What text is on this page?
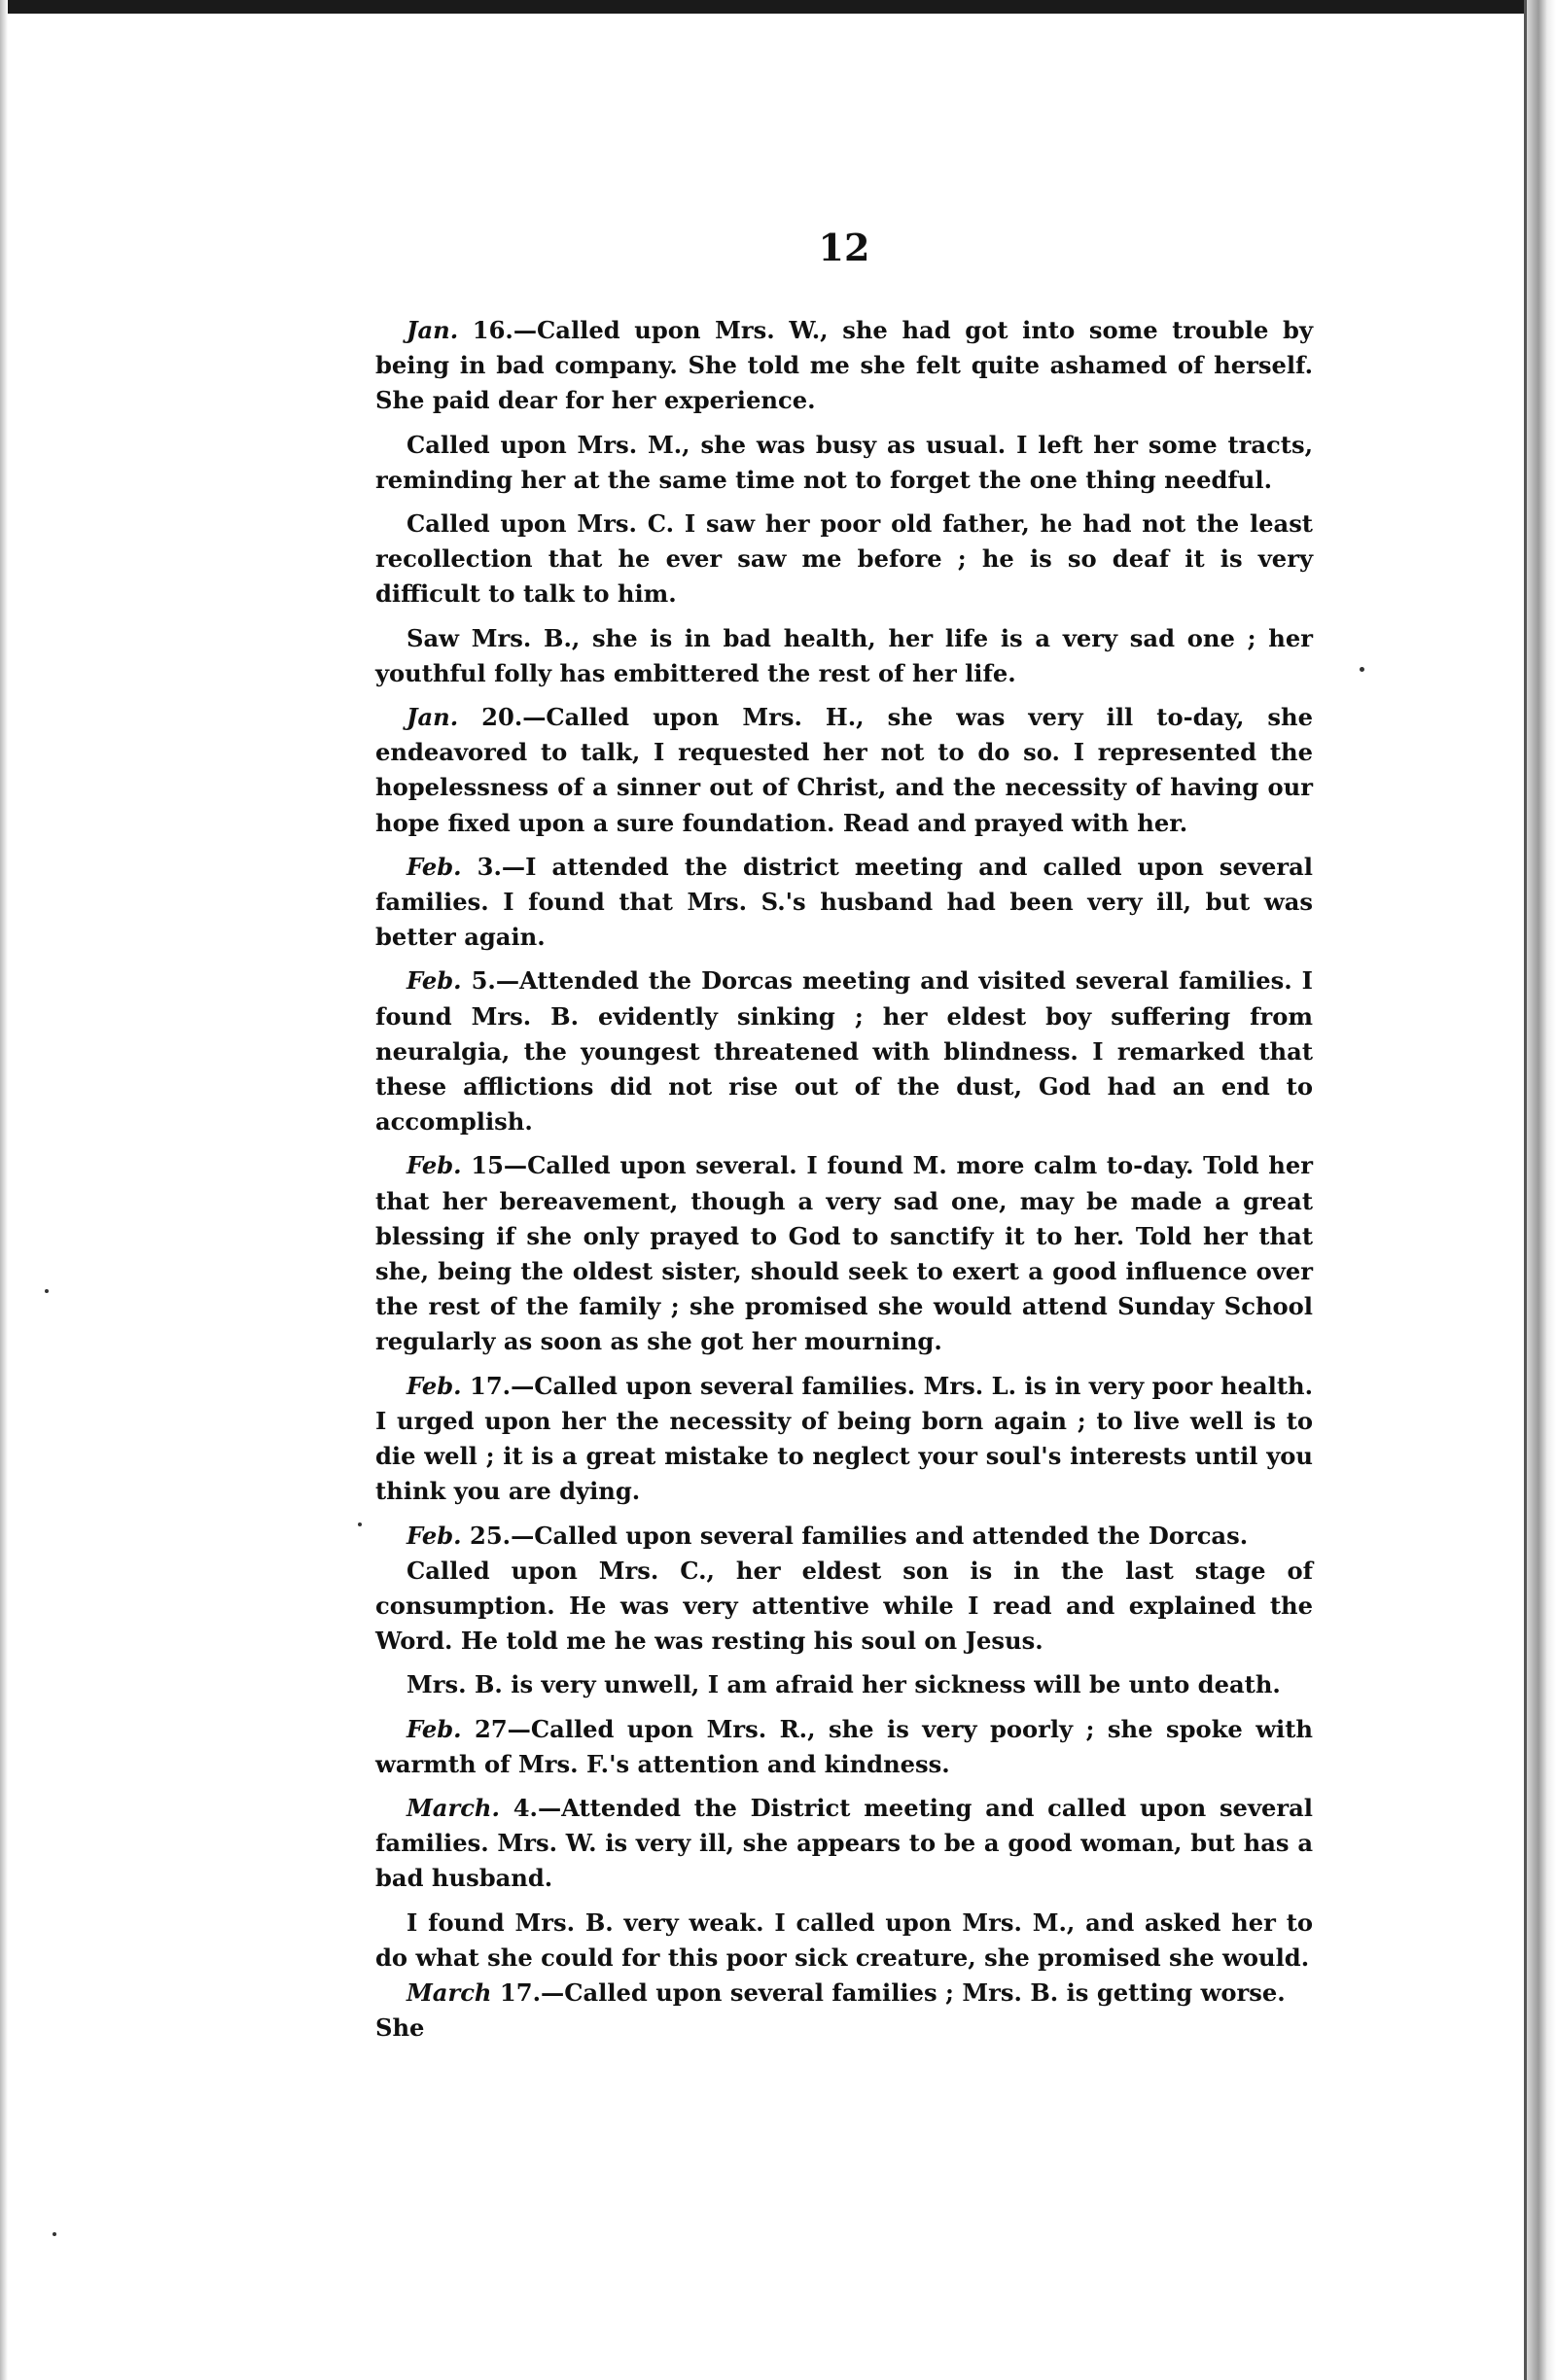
12

Jan. 16.—Called upon Mrs. W., she had got into some trouble by being in bad company. She told me she felt quite ashamed of herself. She paid dear for her experience.

Called upon Mrs. M., she was busy as usual. I left her some tracts, reminding her at the same time not to forget the one thing needful.

Called upon Mrs. C. I saw her poor old father, he had not the least recollection that he ever saw me before ; he is so deaf it is very difficult to talk to him.

Saw Mrs. B., she is in bad health, her life is a very sad one ; her youthful folly has embittered the rest of her life.

Jan. 20.—Called upon Mrs. H., she was very ill to-day, she endeavored to talk, I requested her not to do so. I represented the hopelessness of a sinner out of Christ, and the necessity of having our hope fixed upon a sure foundation. Read and prayed with her.

Feb. 3.—I attended the district meeting and called upon several families. I found that Mrs. S.'s husband had been very ill, but was better again.

Feb. 5.—Attended the Dorcas meeting and visited several families. I found Mrs. B. evidently sinking ; her eldest boy suffering from neuralgia, the youngest threatened with blindness. I remarked that these afflictions did not rise out of the dust, God had an end to accomplish.

Feb. 15—Called upon several. I found M. more calm to-day. Told her that her bereavement, though a very sad one, may be made a great blessing if she only prayed to God to sanctify it to her. Told her that she, being the oldest sister, should seek to exert a good influence over the rest of the family ; she promised she would attend Sunday School regularly as soon as she got her mourning.

Feb. 17.—Called upon several families. Mrs. L. is in very poor health. I urged upon her the necessity of being born again ; to live well is to die well ; it is a great mistake to neglect your soul's interests until you think you are dying.

Feb. 25.—Called upon several families and attended the Dorcas.

Called upon Mrs. C., her eldest son is in the last stage of consumption. He was very attentive while I read and explained the Word. He told me he was resting his soul on Jesus.

Mrs. B. is very unwell, I am afraid her sickness will be unto death.

Feb. 27—Called upon Mrs. R., she is very poorly ; she spoke with warmth of Mrs. F.'s attention and kindness.

March. 4.—Attended the District meeting and called upon several families. Mrs. W. is very ill, she appears to be a good woman, but has a bad husband.

I found Mrs. B. very weak. I called upon Mrs. M., and asked her to do what she could for this poor sick creature, she promised she would.

March 17.—Called upon several families ; Mrs. B. is getting worse. She
